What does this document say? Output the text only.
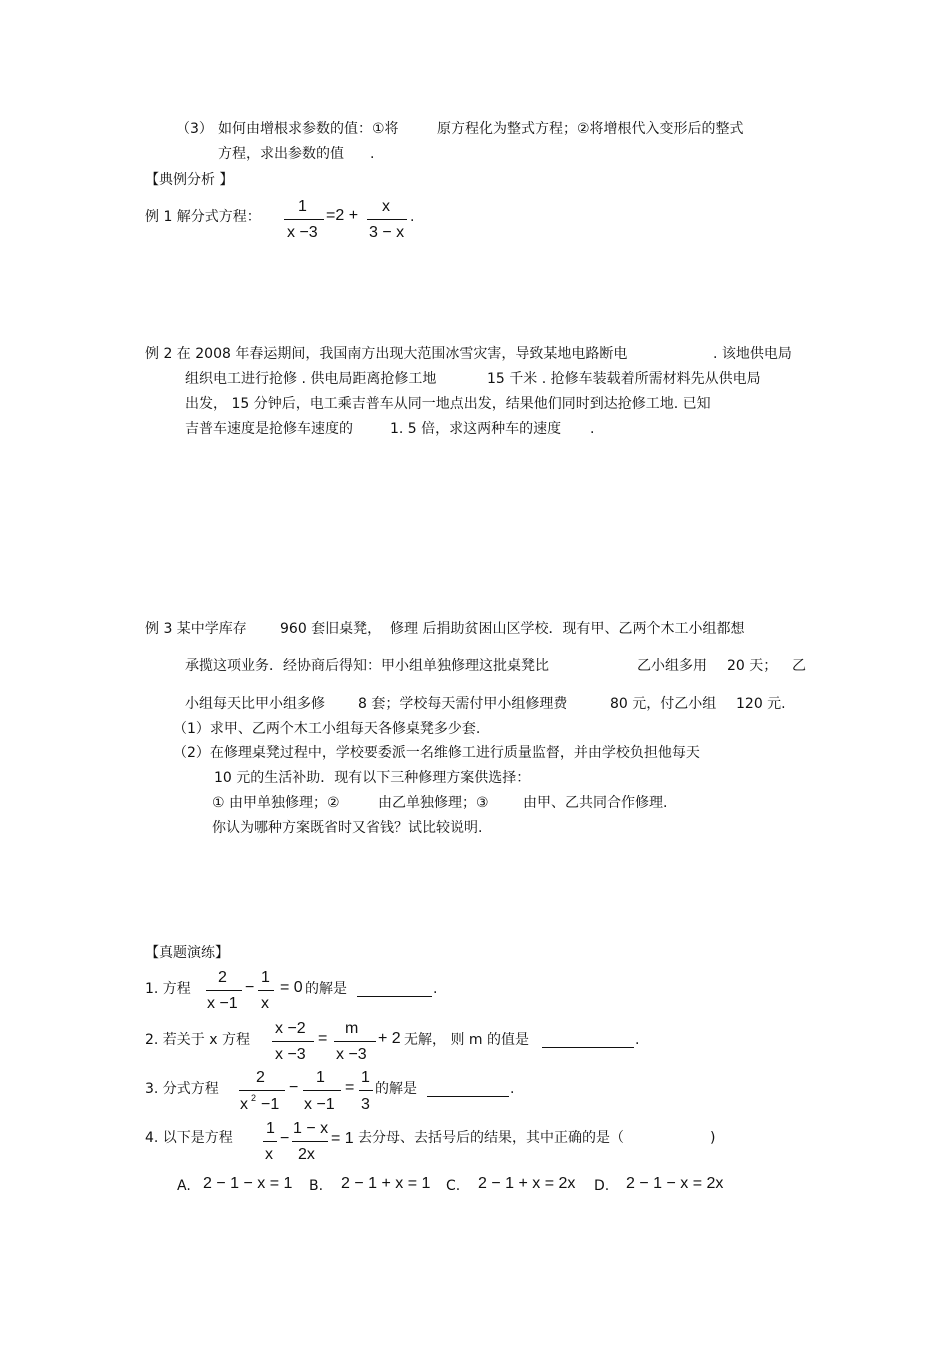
（3） 如何由增根求参数的值：①将	原方程化为整式方程；②将增根代入变形后的整式
方程，求出参数的值 .
【典例分析 】
例 1 解分式方程：
1
x −3
=2 +
x
3 − x
.
例 2 在 2008 年春运期间，我国南方出现大范围冰雪灾害，导致某地电路断电	. 该地供电局
组织电工进行抢修 . 供电局距离抢修工地	15 千米 . 抢修车装载着所需材料先从供电局
出发， 15 分钟后，电工乘吉普车从同一地点出发，结果他们同时到达抢修工地. 已知
吉普车速度是抢修车速度的	1. 5 倍，求这两种车的速度 .
例 3 某中学库存 960 套旧桌凳， 修理 后捐助贫困山区学校．现有甲、乙两个木工小组都想
承揽这项业务．经协商后得知：甲小组单独修理这批桌凳比	乙小组多用 20 天； 乙
小组每天比甲小组多修 8 套；学校每天需付甲小组修理费	80 元，付乙小组 120 元.
（1）求甲、乙两个木工小组每天各修桌凳多少套.
（2）在修理桌凳过程中，学校要委派一名维修工进行质量监督，并由学校负担他每天
10 元的生活补助．现有以下三种修理方案供选择：
① 由甲单独修理；②	由乙单独修理；③ 由甲、乙共同合作修理.
你认为哪种方案既省时又省钱？试比较说明.
【真题演练】
1. 方程
2
x −1
−
1
x
= 0 的解是	.
2. 若关于 x 方程
x −2
x −3
=
m
x −3
+ 2 无解， 则 m 的值是	.
3. 分式方程
2
x 2 −1
−
1
x −1
=
1
3
的解是	.
4. 以下是方程
1
x
−
1 − x
2x
= 1 去分母、去括号后的结果，其中正确的是（	)
A. 2 − 1 − x = 1 B. 2 − 1 + x = 1 C. 2 − 1 + x = 2x D. 2 − 1 − x = 2x
